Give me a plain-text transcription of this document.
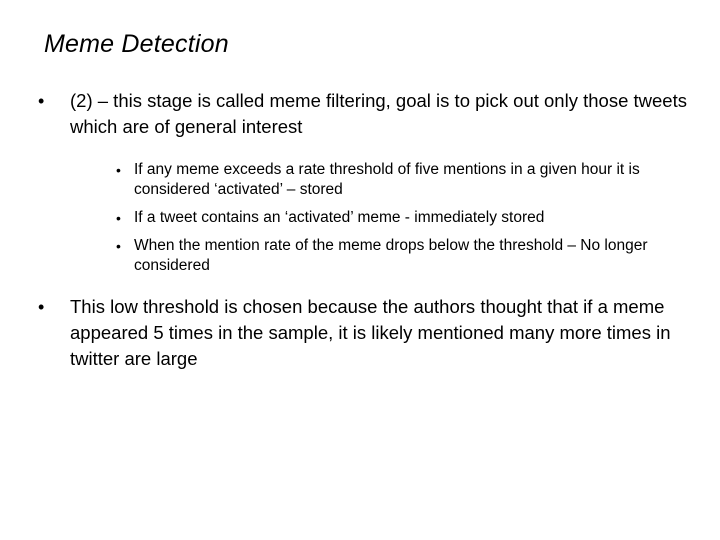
Meme Detection
• (2) – this stage is called meme filtering, goal is to pick out only those tweets which are of general interest
• If any meme exceeds a rate threshold of five mentions in a given hour it is considered ‘activated’ – stored
• If a tweet contains an ‘activated’ meme - immediately stored
• When the mention rate of the meme drops below the threshold – No longer considered
• This low threshold is chosen because the authors thought that if a meme appeared 5 times in the sample, it is likely mentioned many more times in twitter are large
